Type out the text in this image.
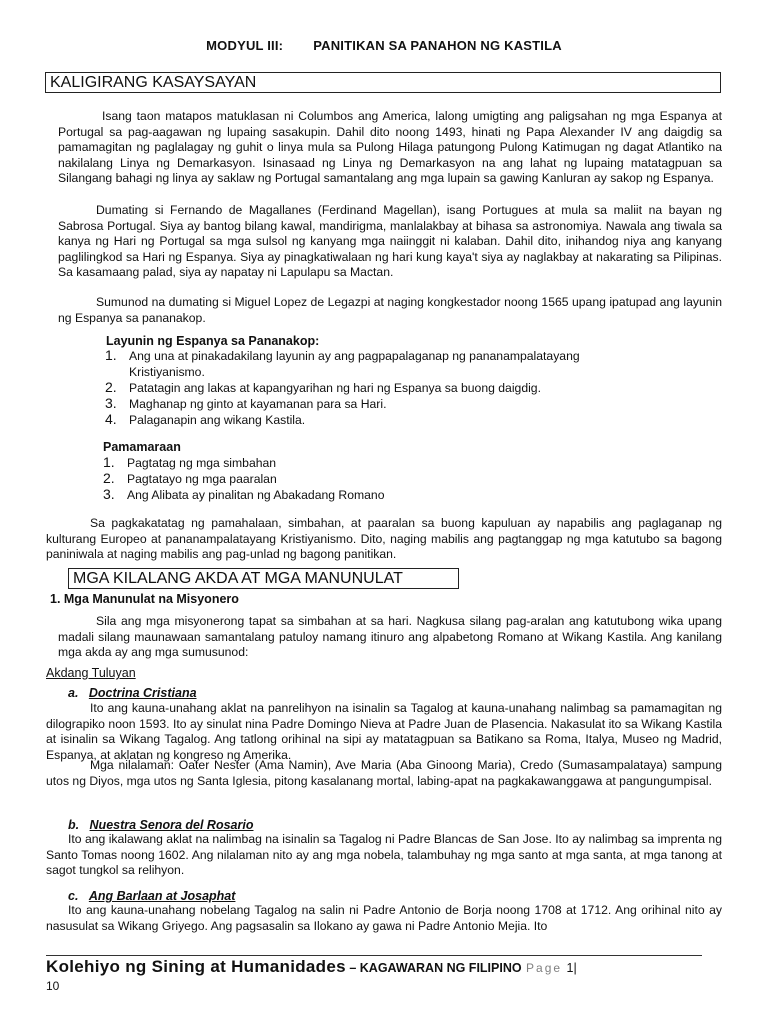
MODYUL III: PANITIKAN SA PANAHON NG KASTILA
KALIGIRANG KASAYSAYAN

Isang taon matapos matuklasan ni Columbos ang America, lalong umigting ang paligsahan ng mga Espanya at Portugal sa pag-aagawan ng lupaing sasakupin. Dahil dito noong 1493, hinati ng Papa Alexander IV ang daigdig sa pamamagitan ng paglalagay ng guhit o linya mula sa Pulong Hilaga patungong Pulong Katimugan ng dagat Atlantiko na nakilalang Linya ng Demarkasyon. Isinasaad ng Linya ng Demarkasyon na ang lahat ng lupaing matatagpuan sa Silangang bahagi ng linya ay saklaw ng Portugal samantalang ang mga lupain sa gawing Kanluran ay sakop ng Espanya.

Dumating si Fernando de Magallanes (Ferdinand Magellan), isang Portugues at mula sa maliit na bayan ng Sabrosa Portugal. Siya ay bantog bilang kawal, mandirigma, manlalakbay at bihasa sa astronomiya. Nawala ang tiwala sa kanya ng Hari ng Portugal sa mga sulsol ng kanyang mga naiinggit ni kalaban. Dahil dito, inihandog niya ang kanyang paglilingkod sa Hari ng Espanya. Siya ay pinagkatiwalaan ng hari kung kaya't siya ay naglakbay at nakarating sa Pilipinas. Sa kasamaang palad, siya ay napatay ni Lapulapu sa Mactan.

Sumunod na dumating si Miguel Lopez de Legazpi at naging kongkestador noong 1565 upang ipatupad ang layunin ng Espanya sa pananakop.

Layunin ng Espanya sa Pananakop:
1. Ang una at pinakadakilang layunin ay ang pagpapalaganap ng pananampalatayang Kristiyanismo.
2. Patatagin ang lakas at kapangyarihan ng hari ng Espanya sa buong daigdig.
3. Maghanap ng ginto at kayamanan para sa Hari.
4. Palaganapin ang wikang Kastila.
Pamamaraan
1. Pagtatag ng mga simbahan
2. Pagtatayo ng mga paaralan
3. Ang Alibata ay pinalitan ng Abakadang Romano

Sa pagkakatatag ng pamahalaan, simbahan, at paaralan sa buong kapuluan ay napabilis ang paglaganap ng kulturang Europeo at pananampalatayang Kristiyanismo. Dito, naging mabilis ang pagtanggap ng mga katutubo sa bagong paniniwala at naging mabilis ang pag-unlad ng bagong panitikan.

MGA KILALANG AKDA AT MGA MANUNULAT
1. Mga Manunulat na Misyonero

Sila ang mga misyonerong tapat sa simbahan at sa hari. Nagkusa silang pag-aralan ang katutubong wika upang madali silang maunawaan samantalang patuloy namang itinuro ang alpabetong Romano at Wikang Kastila. Ang kanilang mga akda ay ang mga sumusunod:

Akdang Tuluyan
a. Doctrina Cristiana

Ito ang kauna-unahang aklat na panrelihyon na isinalin sa Tagalog at kauna-unahang nalimbag sa pamamagitan ng dilograpiko noon 1593. Ito ay sinulat nina Padre Domingo Nieva at Padre Juan de Plasencia. Nakasulat ito sa Wikang Kastila at isinalin sa Wikang Tagalog. Ang tatlong orihinal na sipi ay matatagpuan sa Batikano sa Roma, Italya, Museo ng Madrid, Espanya, at aklatan ng kongreso ng Amerika.

Mga nilalaman: Oater Nester (Ama Namin), Ave Maria (Aba Ginoong Maria), Credo (Sumasampalataya) sampung utos ng Diyos, mga utos ng Santa Iglesia, pitong kasalanang mortal, labing-apat na pagkakawanggawa at pangungumpisal.

b. Nuestra Senora del Rosario

Ito ang ikalawang aklat na nalimbag na isinalin sa Tagalog ni Padre Blancas de San Jose. Ito ay nalimbag sa imprenta ng Santo Tomas noong 1602. Ang nilalaman nito ay ang mga nobela, talambuhay ng mga santo at mga santa, at mga tanong at sagot tungkol sa relihyon.

c. Ang Barlaan at Josaphat

Ito ang kauna-unahang nobelang Tagalog na salin ni Padre Antonio de Borja noong 1708 at 1712. Ang orihinal nito ay nasusulat sa Wikang Griyego. Ang pagsasalin sa Ilokano ay gawa ni Padre Antonio Mejia. Ito

Kolehiyo ng Sining at Humanidades – KAGAWARAN NG FILIPINO Page 1|
10
